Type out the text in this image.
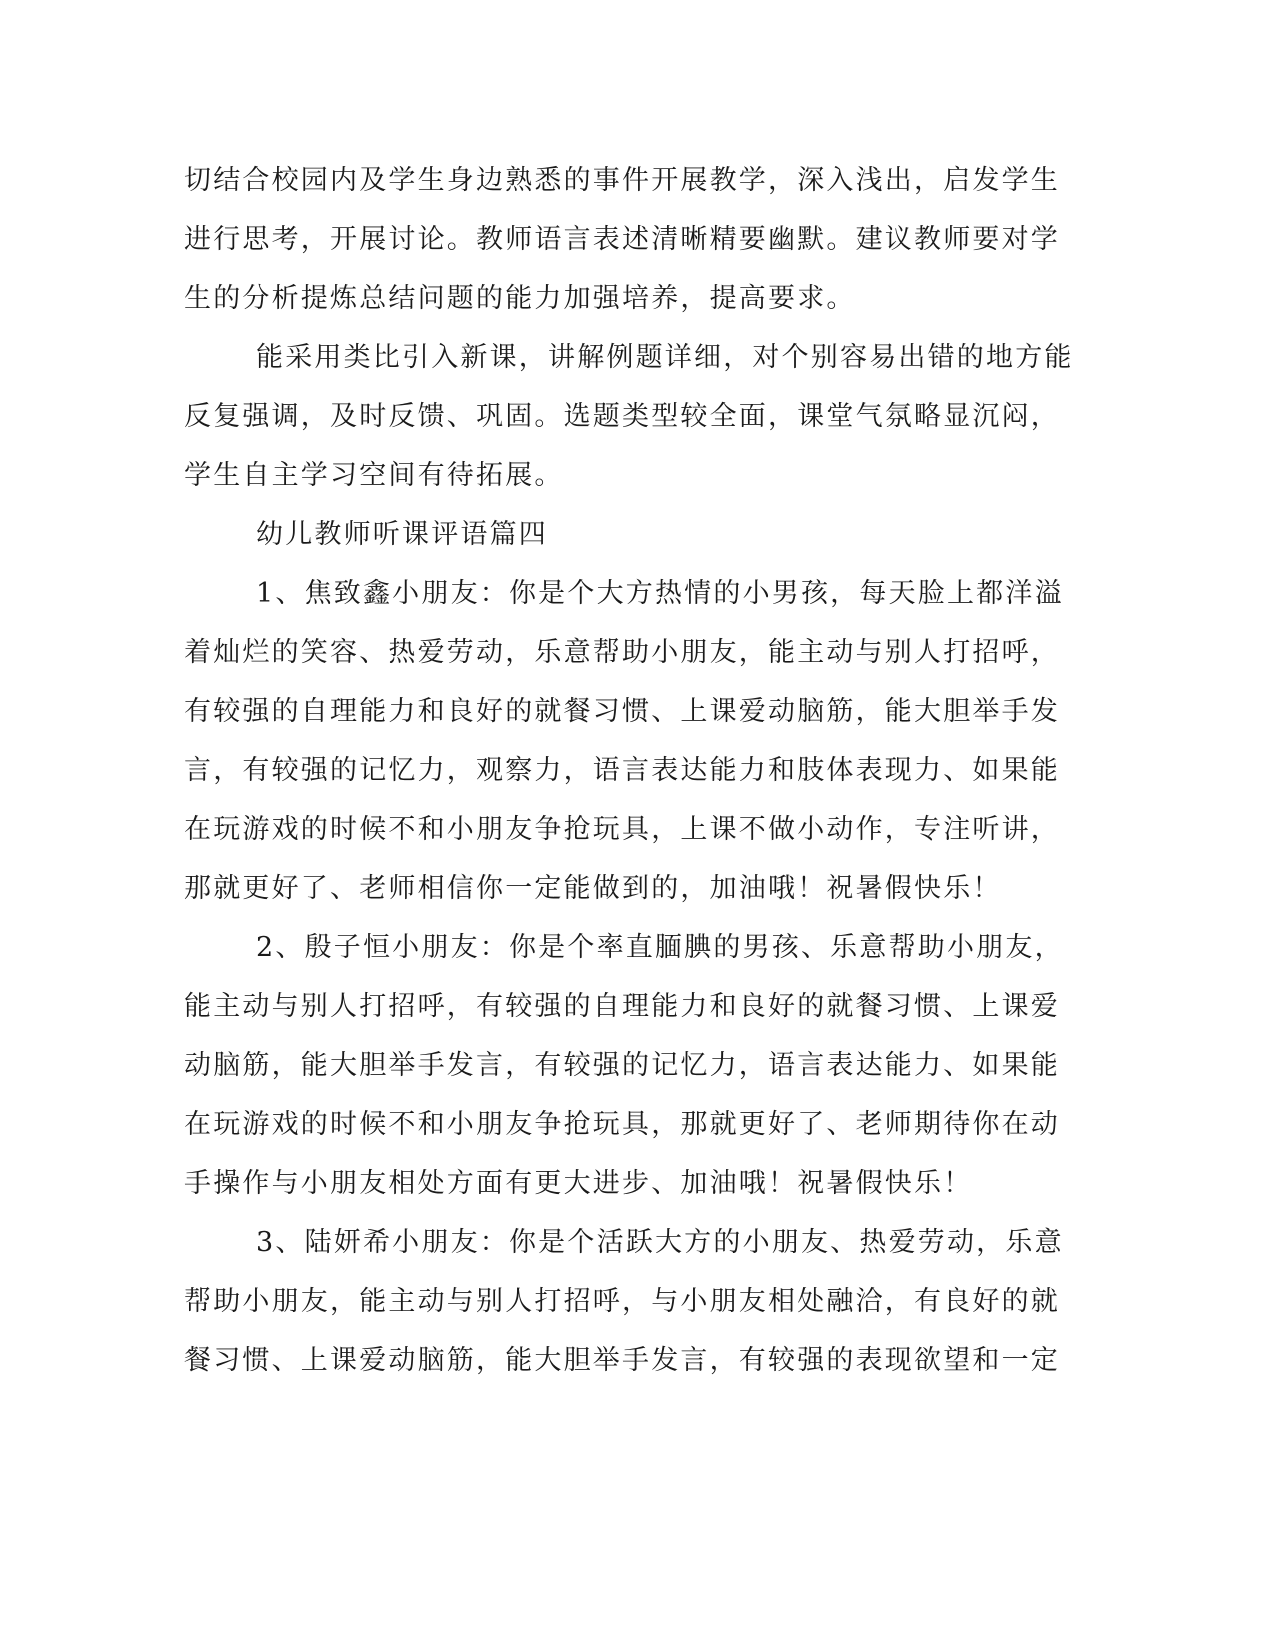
切结合校园内及学生身边熟悉的事件开展教学，深入浅出，启发学生
进行思考，开展讨论。教师语言表述清晰精要幽默。建议教师要对学
生的分析提炼总结问题的能力加强培养，提高要求。
能采用类比引入新课，讲解例题详细，对个别容易出错的地方能
反复强调，及时反馈、巩固。选题类型较全面，课堂气氛略显沉闷，
学生自主学习空间有待拓展。
幼儿教师听课评语篇四
1、焦致鑫小朋友：你是个大方热情的小男孩，每天脸上都洋溢
着灿烂的笑容、热爱劳动，乐意帮助小朋友，能主动与别人打招呼，
有较强的自理能力和良好的就餐习惯、上课爱动脑筋，能大胆举手发
言，有较强的记忆力，观察力，语言表达能力和肢体表现力、如果能
在玩游戏的时候不和小朋友争抢玩具，上课不做小动作，专注听讲，
那就更好了、老师相信你一定能做到的，加油哦！祝暑假快乐！
2、殷子恒小朋友：你是个率直腼腆的男孩、乐意帮助小朋友，
能主动与别人打招呼，有较强的自理能力和良好的就餐习惯、上课爱
动脑筋，能大胆举手发言，有较强的记忆力，语言表达能力、如果能
在玩游戏的时候不和小朋友争抢玩具，那就更好了、老师期待你在动
手操作与小朋友相处方面有更大进步、加油哦！祝暑假快乐！
3、陆妍希小朋友：你是个活跃大方的小朋友、热爱劳动，乐意
帮助小朋友，能主动与别人打招呼，与小朋友相处融洽，有良好的就
餐习惯、上课爱动脑筋，能大胆举手发言，有较强的表现欲望和一定
